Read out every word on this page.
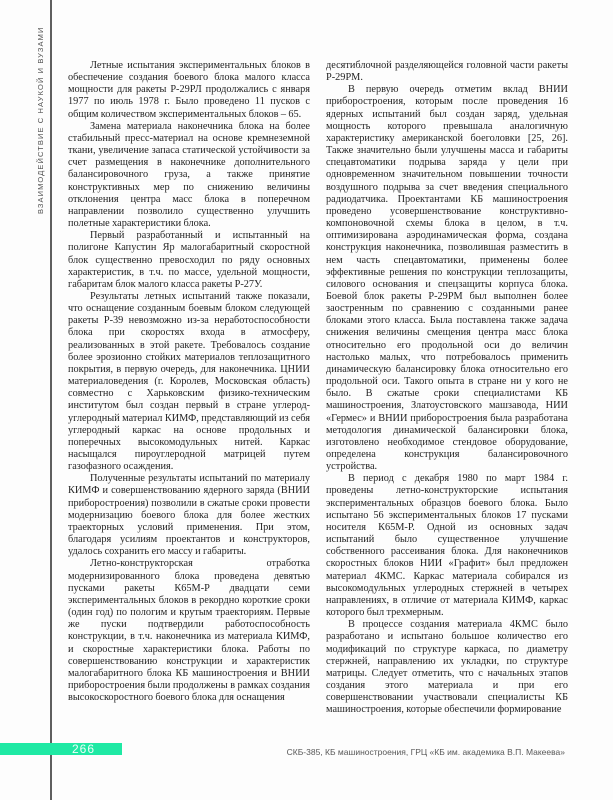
ВЗАИМОДЕЙСТВИЕ С НАУКОЙ И ВУЗАМИ	Летные испытания экспериментальных блоков в обеспечение создания боевого блока малого класса мощности для ракеты Р-29РЛ продолжались с января 1977 по июль 1978 г. Было проведено 11 пусков с общим количеством экспериментальных блоков – 65.

Замена материала наконечника блока на более стабильный пресс-материал на основе кремнеземной ткани, увеличение запаса статической устойчивости за счет размещения в наконечнике дополнительного балансировочного груза, а также принятие конструктивных мер по снижению величины отклонения центра масс блока в поперечном направлении позволило существенно улучшить полетные характеристики блока.

Первый разработанный и испытанный на полигоне Капустин Яр малогабаритный скоростной блок существенно превосходил по ряду основных характеристик, в т.ч. по массе, удельной мощности, габаритам блок малого класса ракеты Р-27У.

Результаты летных испытаний также показали, что оснащение созданным боевым блоком следующей ракеты Р-39 невозможно из-за неработоспособности блока при скоростях входа в атмосферу, реализованных в этой ракете. Требовалось создание более эрозионно стойких материалов теплозащитного покрытия, в первую очередь, для наконечника. ЦНИИ материаловедения (г. Королев, Московская область) совместно с Харьковским физико-техническим институтом был создан первый в стране углерод-углеродный материал КИМФ, представляющий из себя углеродный каркас на основе продольных и поперечных высокомодульных нитей. Каркас насыщался пироуглеродной матрицей путем газофазного осаждения.

Полученные результаты испытаний по материалу КИМФ и совершенствованию ядерного заряда (ВНИИ приборостроения) позволили в сжатые сроки провести модернизацию боевого блока для более жестких траекторных условий применения. При этом, благодаря усилиям проектантов и конструкторов, удалось сохранить его массу и габариты.

Летно-конструкторская отработка модернизированного блока проведена девятью пусками ракеты К65М-Р двадцати семи экспериментальных блоков в рекордно короткие сроки (один год) по пологим и крутым траекториям. Первые же пуски подтвердили работоспособность конструкции, в т.ч. наконечника из материала КИМФ, и скоростные характеристики блока. Работы по совершенствованию конструкции и характеристик малогабаритного блока КБ машиностроения и ВНИИ приборостроения были продолжены в рамках создания высокоскоростного боевого блока для оснащения

десятиблочной разделяющейся головной части ракеты Р-29РМ.

В первую очередь отметим вклад ВНИИ приборостроения, которым после проведения 16 ядерных испытаний был создан заряд, удельная мощность которого превышала аналогичную характеристику американской боеголовки [25, 26]. Также значительно были улучшены масса и габариты спецавтоматики подрыва заряда у цели при одновременном значительном повышении точности воздушного подрыва за счет введения специального радиодатчика. Проектантами КБ машиностроения проведено усовершенствование конструктивно-компоновочной схемы блока в целом, в т.ч. оптимизирована аэродинамическая форма, создана конструкция наконечника, позволившая разместить в нем часть спецавтоматики, применены более эффективные решения по конструкции теплозащиты, силового основания и спецзащиты корпуса блока. Боевой блок ракеты Р-29РМ был выполнен более заостренным по сравнению с созданными ранее блоками этого класса. Была поставлена также задача снижения величины смещения центра масс блока относительно его продольной оси до величин настолько малых, что потребовалось применить динамическую балансировку блока относительно его продольной оси. Такого опыта в стране ни у кого не было. В сжатые сроки специалистами КБ машиностроения, Златоустовского машзавода, НИИ «Гермес» и ВНИИ приборостроения была разработана методология динамической балансировки блока, изготовлено необходимое стендовое оборудование, определена конструкция балансировочного устройства.

В период с декабря 1980 по март 1984 г. проведены летно-конструкторские испытания экспериментальных образцов боевого блока. Было испытано 56 экспериментальных блоков 17 пусками носителя К65М-Р. Одной из основных задач испытаний было существенное улучшение собственного рассеивания блока. Для наконечников скоростных блоков НИИ «Графит» был предложен материал 4КМС. Каркас материала собирался из высокомодульных углеродных стержней в четырех направлениях, в отличие от материала КИМФ, каркас которого был трехмерным.

В процессе создания материала 4КМС было разработано и испытано большое количество его модификаций по структуре каркаса, по диаметру стержней, направлению их укладки, по структуре матрицы. Следует отметить, что с начальных этапов создания этого материала и при его совершенствовании участвовали специалисты КБ машиностроения, которые обеспечили формирование

266	СКБ-385, КБ машиностроения, ГРЦ «КБ им. академика В.П. Макеева»
